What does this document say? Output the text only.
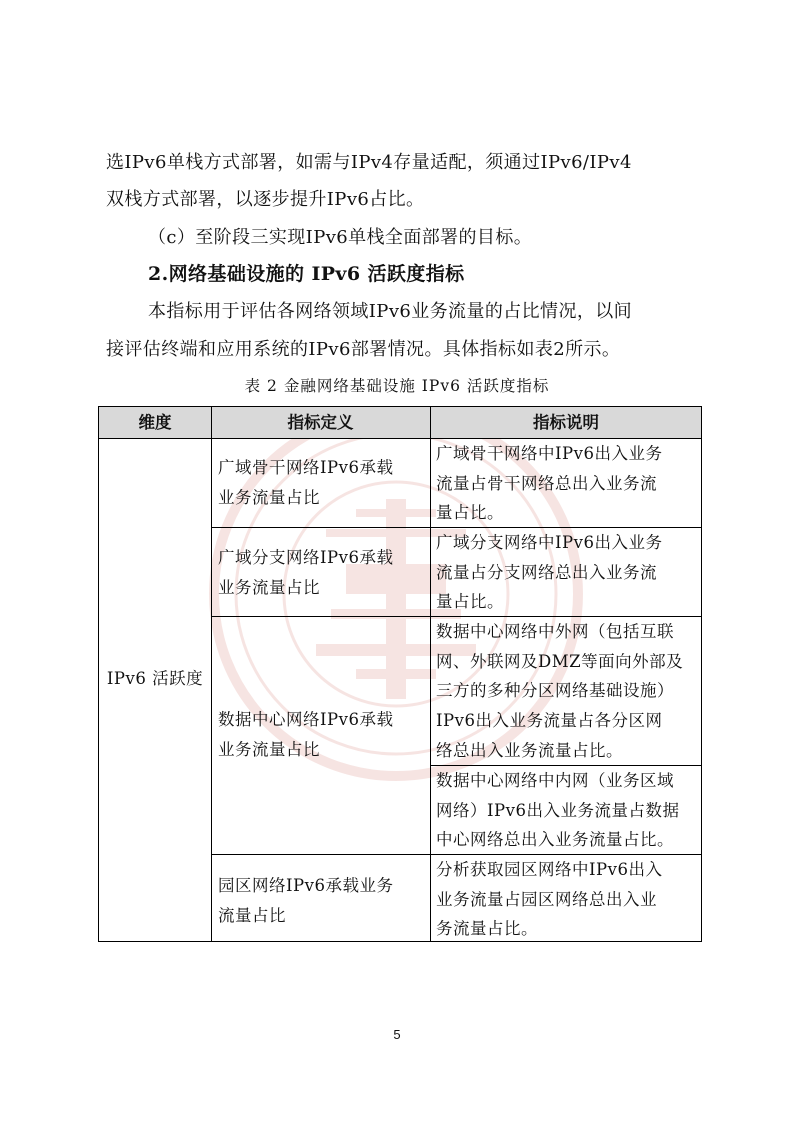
选IPv6单栈方式部署，如需与IPv4存量适配，须通过IPv6/IPv4
双栈方式部署，以逐步提升IPv6占比。
（c）至阶段三实现IPv6单栈全面部署的目标。
2.网络基础设施的 IPv6 活跃度指标
本指标用于评估各网络领域IPv6业务流量的占比情况，以间
接评估终端和应用系统的IPv6部署情况。具体指标如表2所示。
表 2 金融网络基础设施 IPv6 活跃度指标
维度	指标定义	指标说明
IPv6 活跃度
广域骨干网络IPv6承载
业务流量占比
广域分支网络IPv6承载
业务流量占比
数据中心网络IPv6承载
业务流量占比
园区网络IPv6承载业务
流量占比
广域骨干网络中IPv6出入业务
流量占骨干网络总出入业务流
量占比。
广域分支网络中IPv6出入业务
流量占分支网络总出入业务流
量占比。
数据中心网络中外网（包括互联
网、外联网及DMZ等面向外部及
三方的多种分区网络基础设施）
IPv6出入业务流量占各分区网
络总出入业务流量占比。
数据中心网络中内网（业务区域
网络）IPv6出入业务流量占数据
中心网络总出入业务流量占比。
分析获取园区网络中IPv6出入
业务流量占园区网络总出入业
务流量占比。
5
